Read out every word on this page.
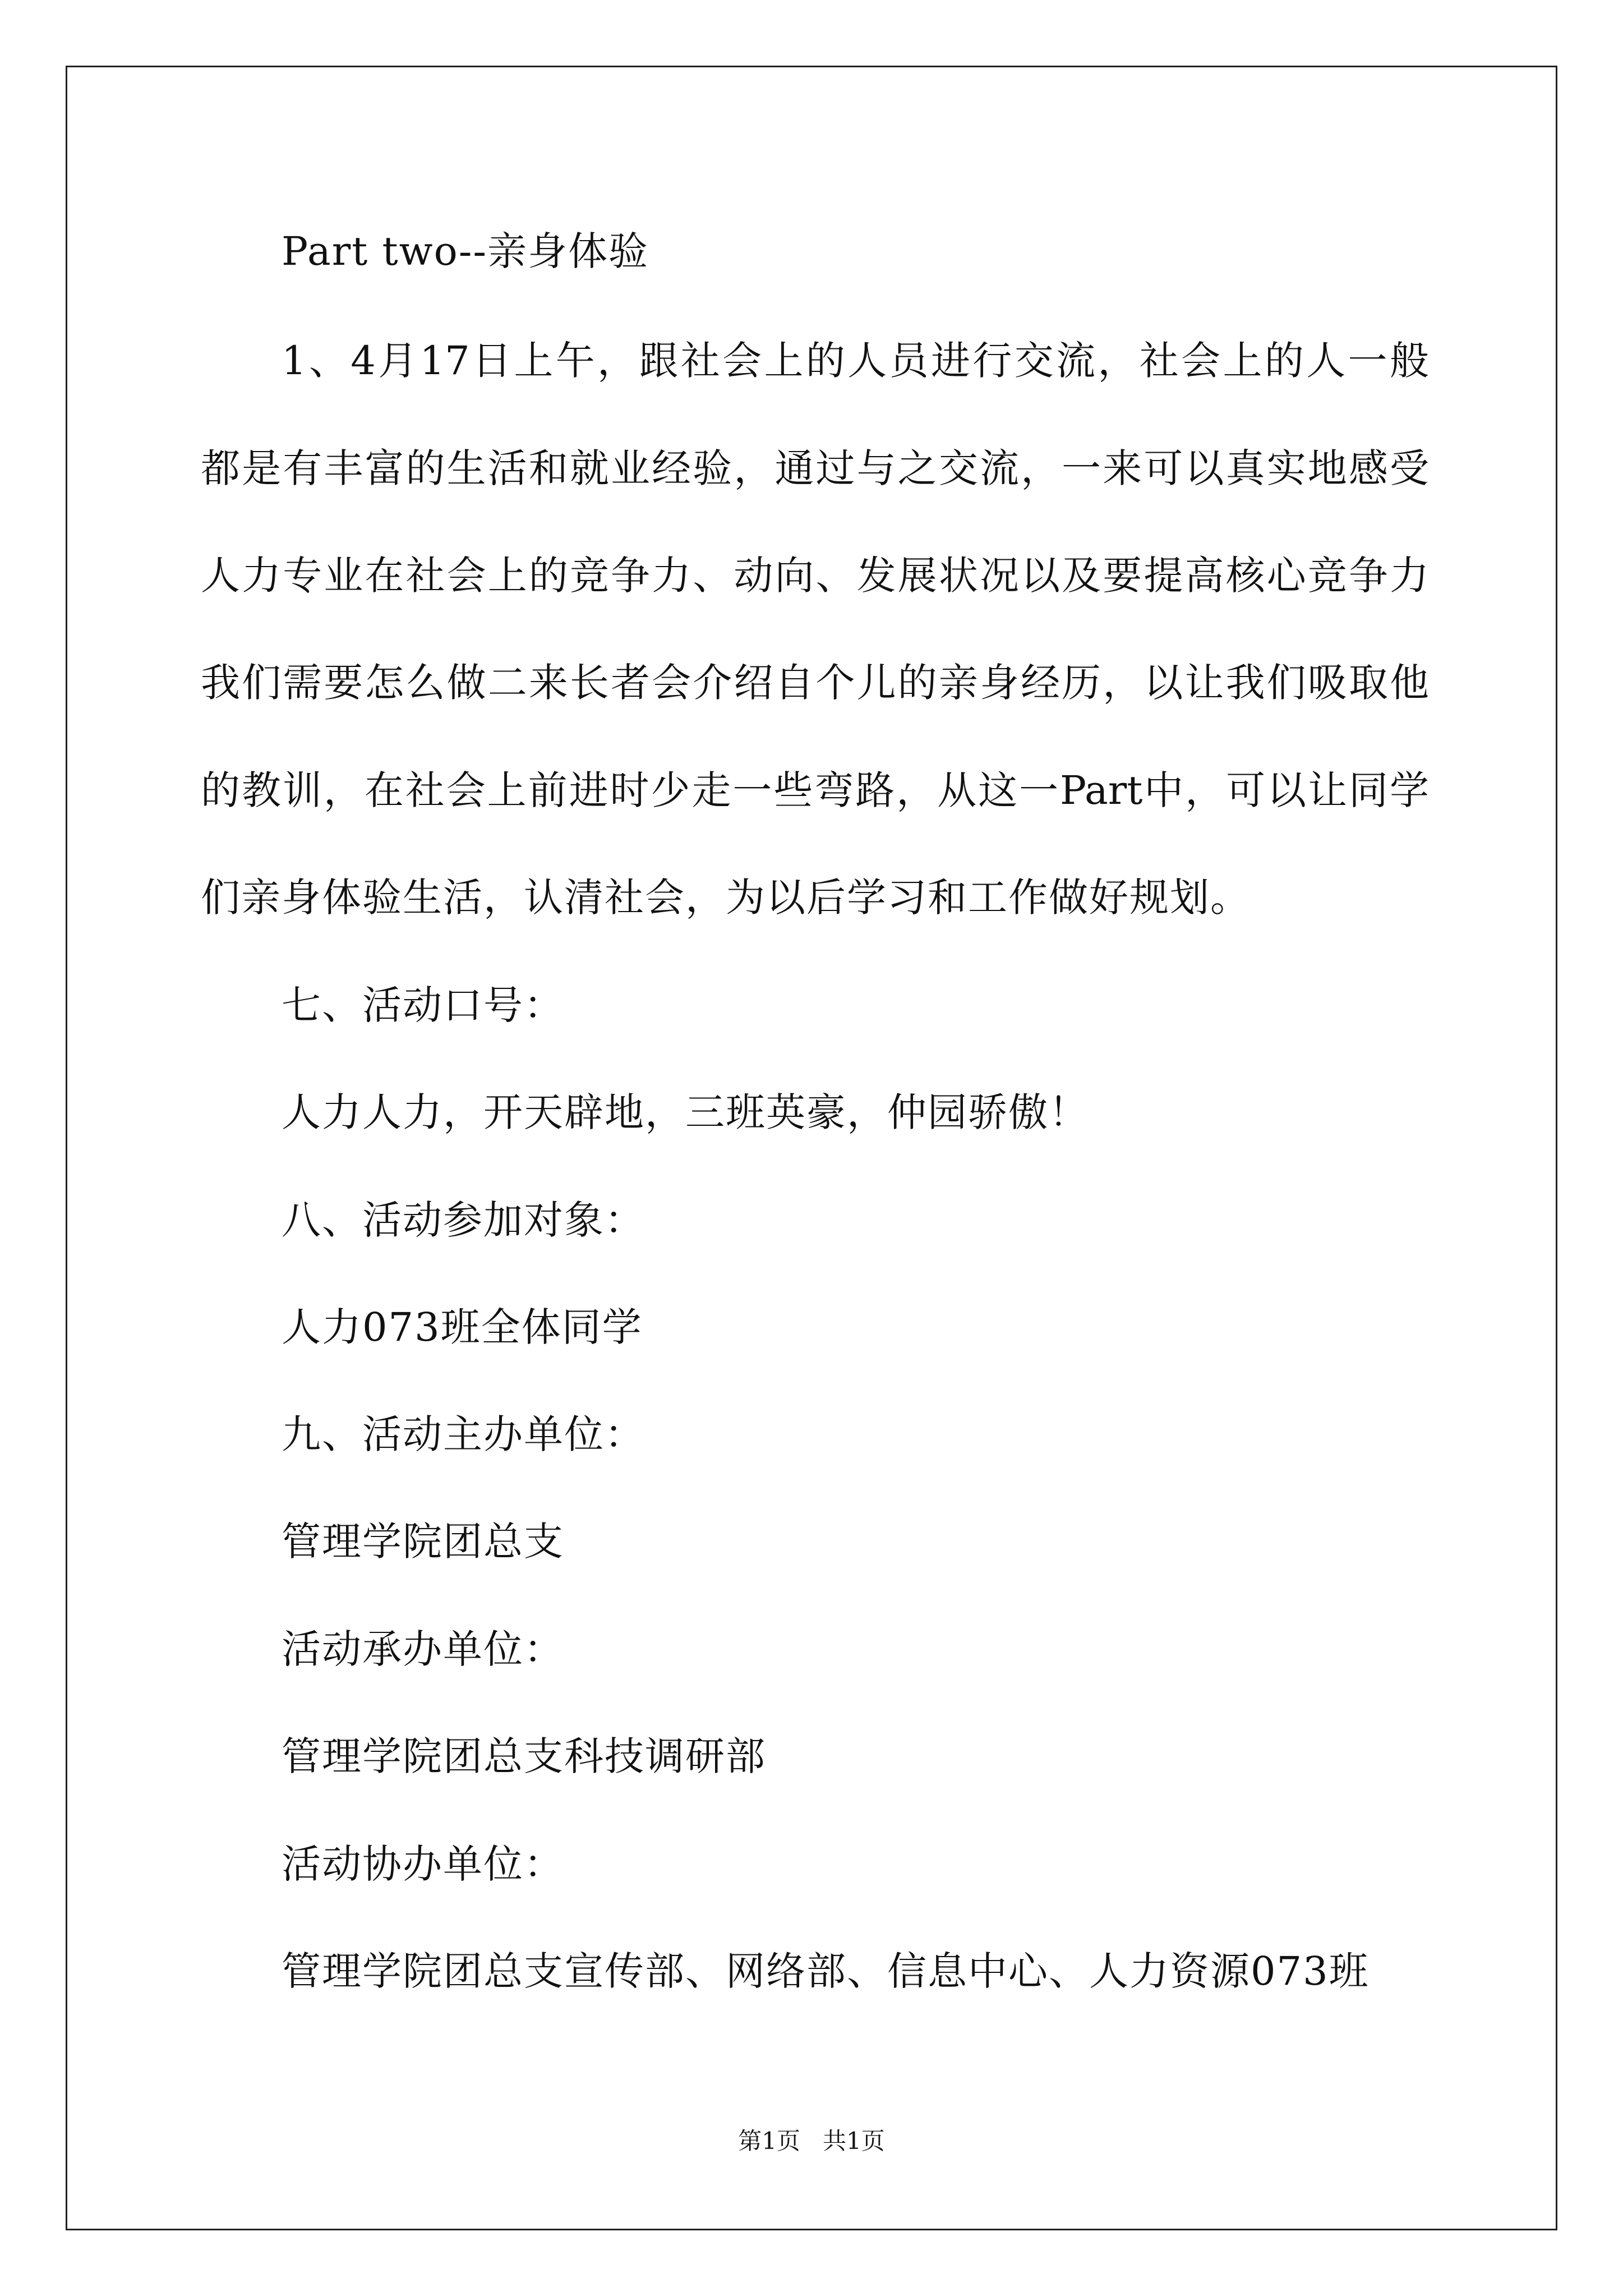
Part two--亲身体验

1、4月17日上午，跟社会上的人员进行交流，社会上的人一般

都是有丰富的生活和就业经验，通过与之交流，一来可以真实地感受

人力专业在社会上的竞争力、动向、发展状况以及要提高核心竞争力

我们需要怎么做二来长者会介绍自个儿的亲身经历，以让我们吸取他

的教训，在社会上前进时少走一些弯路，从这一Part中，可以让同学

们亲身体验生活，认清社会，为以后学习和工作做好规划。

七、活动口号：

人力人力，开天辟地，三班英豪，仲园骄傲！

八、活动参加对象：

人力073班全体同学

九、活动主办单位：

管理学院团总支

活动承办单位：

管理学院团总支科技调研部

活动协办单位：

管理学院团总支宣传部、网络部、信息中心、人力资源073班

第1页   共1页
